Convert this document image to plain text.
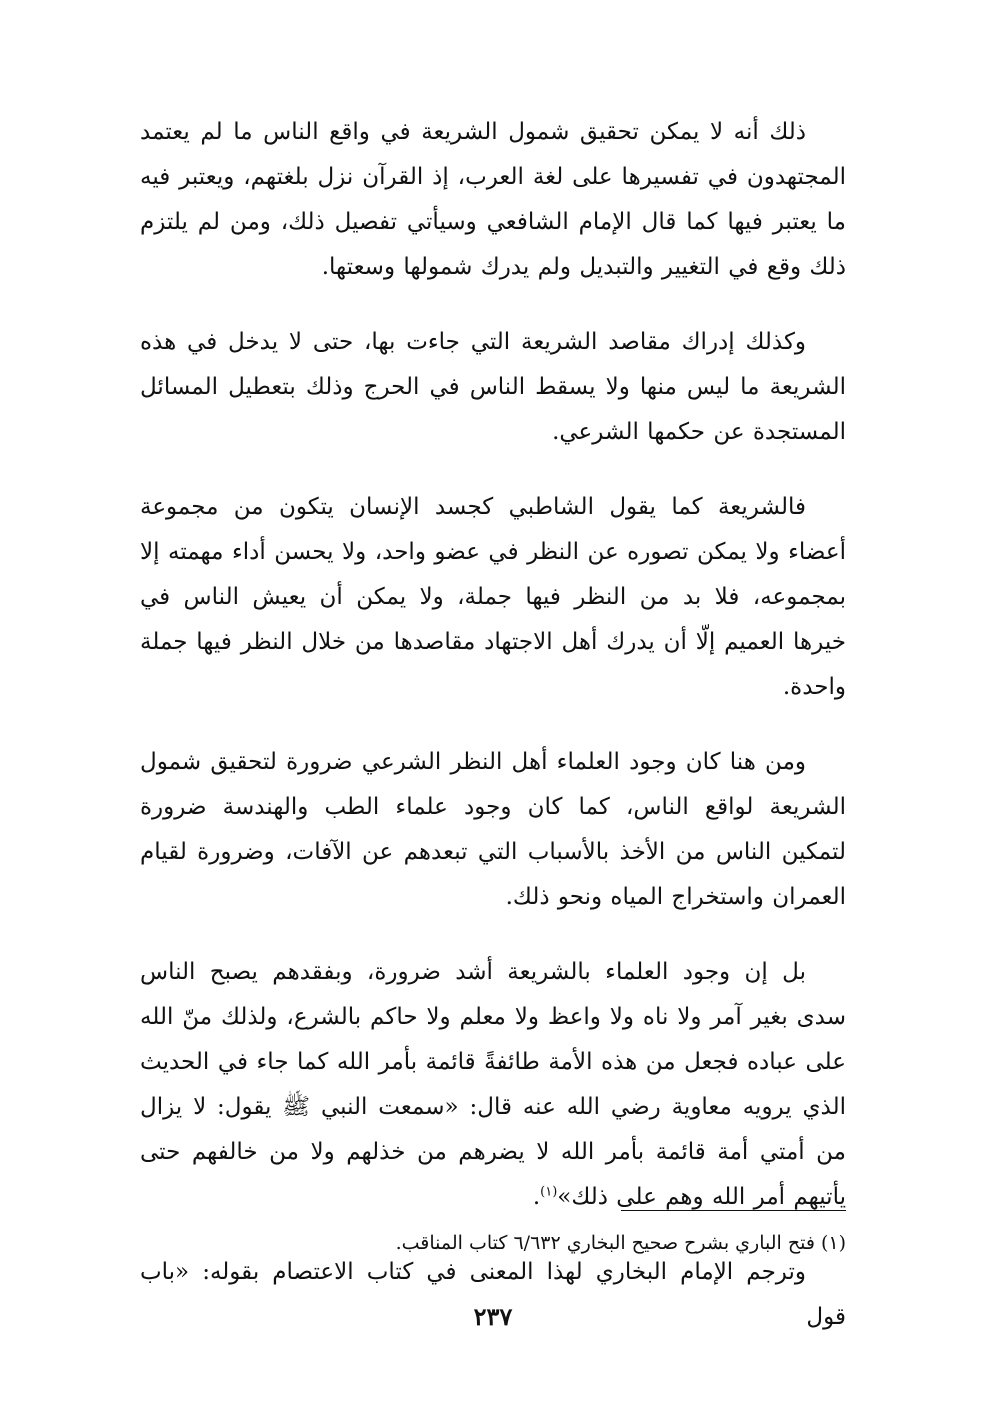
ذلك أنه لا يمكن تحقيق شمول الشريعة في واقع الناس ما لم يعتمد المجتهدون في تفسيرها على لغة العرب، إذ القرآن نزل بلغتهم، ويعتبر فيه ما يعتبر فيها كما قال الإمام الشافعي وسيأتي تفصيل ذلك، ومن لم يلتزم ذلك وقع في التغيير والتبديل ولم يدرك شمولها وسعتها.

وكذلك إدراك مقاصد الشريعة التي جاءت بها، حتى لا يدخل في هذه الشريعة ما ليس منها ولا يسقط الناس في الحرج وذلك بتعطيل المسائل المستجدة عن حكمها الشرعي.

فالشريعة كما يقول الشاطبي كجسد الإنسان يتكون من مجموعة أعضاء ولا يمكن تصوره عن النظر في عضو واحد، ولا يحسن أداء مهمته إلا بمجموعه، فلا بد من النظر فيها جملة، ولا يمكن أن يعيش الناس في خيرها العميم إلّا أن يدرك أهل الاجتهاد مقاصدها من خلال النظر فيها جملة واحدة.

ومن هنا كان وجود العلماء أهل النظر الشرعي ضرورة لتحقيق شمول الشريعة لواقع الناس، كما كان وجود علماء الطب والهندسة ضرورة لتمكين الناس من الأخذ بالأسباب التي تبعدهم عن الآفات، وضرورة لقيام العمران واستخراج المياه ونحو ذلك.

بل إن وجود العلماء بالشريعة أشد ضرورة، وبفقدهم يصبح الناس سدى بغير آمر ولا ناه ولا واعظ ولا معلم ولا حاكم بالشرع، ولذلك منّ الله على عباده فجعل من هذه الأمة طائفةً قائمة بأمر الله كما جاء في الحديث الذي يرويه معاوية رضي الله عنه قال: «سمعت النبي ﷺ يقول: لا يزال من أمتي أمة قائمة بأمر الله لا يضرهم من خذلهم ولا من خالفهم حتى يأتيهم أمر الله وهم على ذلك»$^{(١)}$.

وترجم الإمام البخاري لهذا المعنى في كتاب الاعتصام بقوله: «باب قول

(١) فتح الباري بشرح صحيح البخاري ٦/٦٣٢ كتاب المناقب.
٢٣٧
